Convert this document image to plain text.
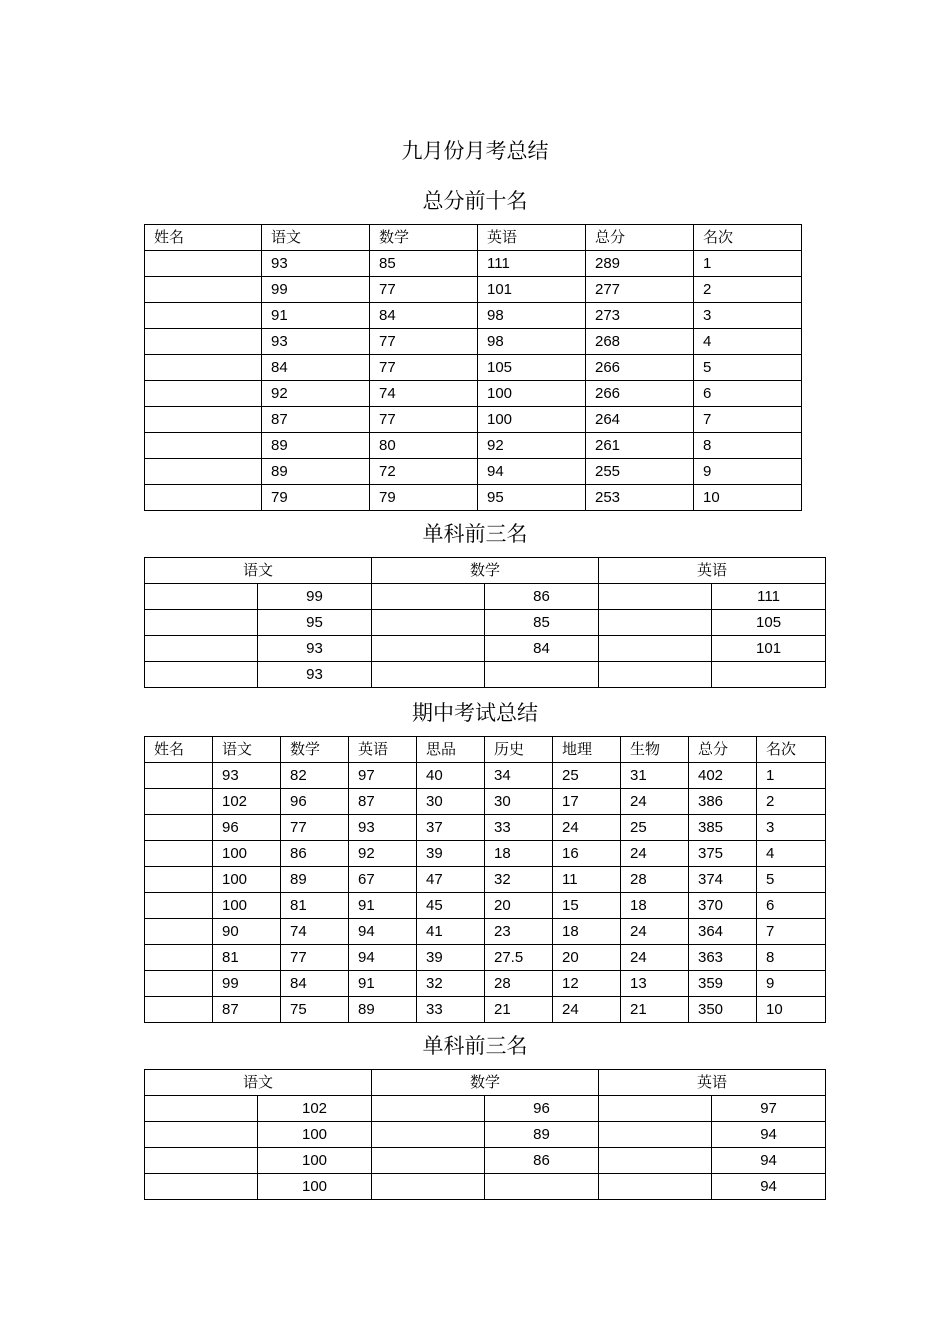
九月份月考总结
总分前十名
姓名	语文	数学	英语	总分	名次
	93	85	111	289	1
	99	77	101	277	2
	91	84	98	273	3
	93	77	98	268	4
	84	77	105	266	5
	92	74	100	266	6
	87	77	100	264	7
	89	80	92	261	8
	89	72	94	255	9
	79	79	95	253	10
单科前三名
语文		数学		英语	
	99		86		111
	95		85		105
	93		84		101
	93				
期中考试总结
姓名	语文	数学	英语	思品	历史	地理	生物	总分	名次
	93	82	97	40	34	25	31	402	1
	102	96	87	30	30	17	24	386	2
	96	77	93	37	33	24	25	385	3
	100	86	92	39	18	16	24	375	4
	100	89	67	47	32	11	28	374	5
	100	81	91	45	20	15	18	370	6
	90	74	94	41	23	18	24	364	7
	81	77	94	39	27.5	20	24	363	8
	99	84	91	32	28	12	13	359	9
	87	75	89	33	21	24	21	350	10
单科前三名
语文		数学		英语	
	102		96		97
	100		89		94
	100		86		94
	100				94
